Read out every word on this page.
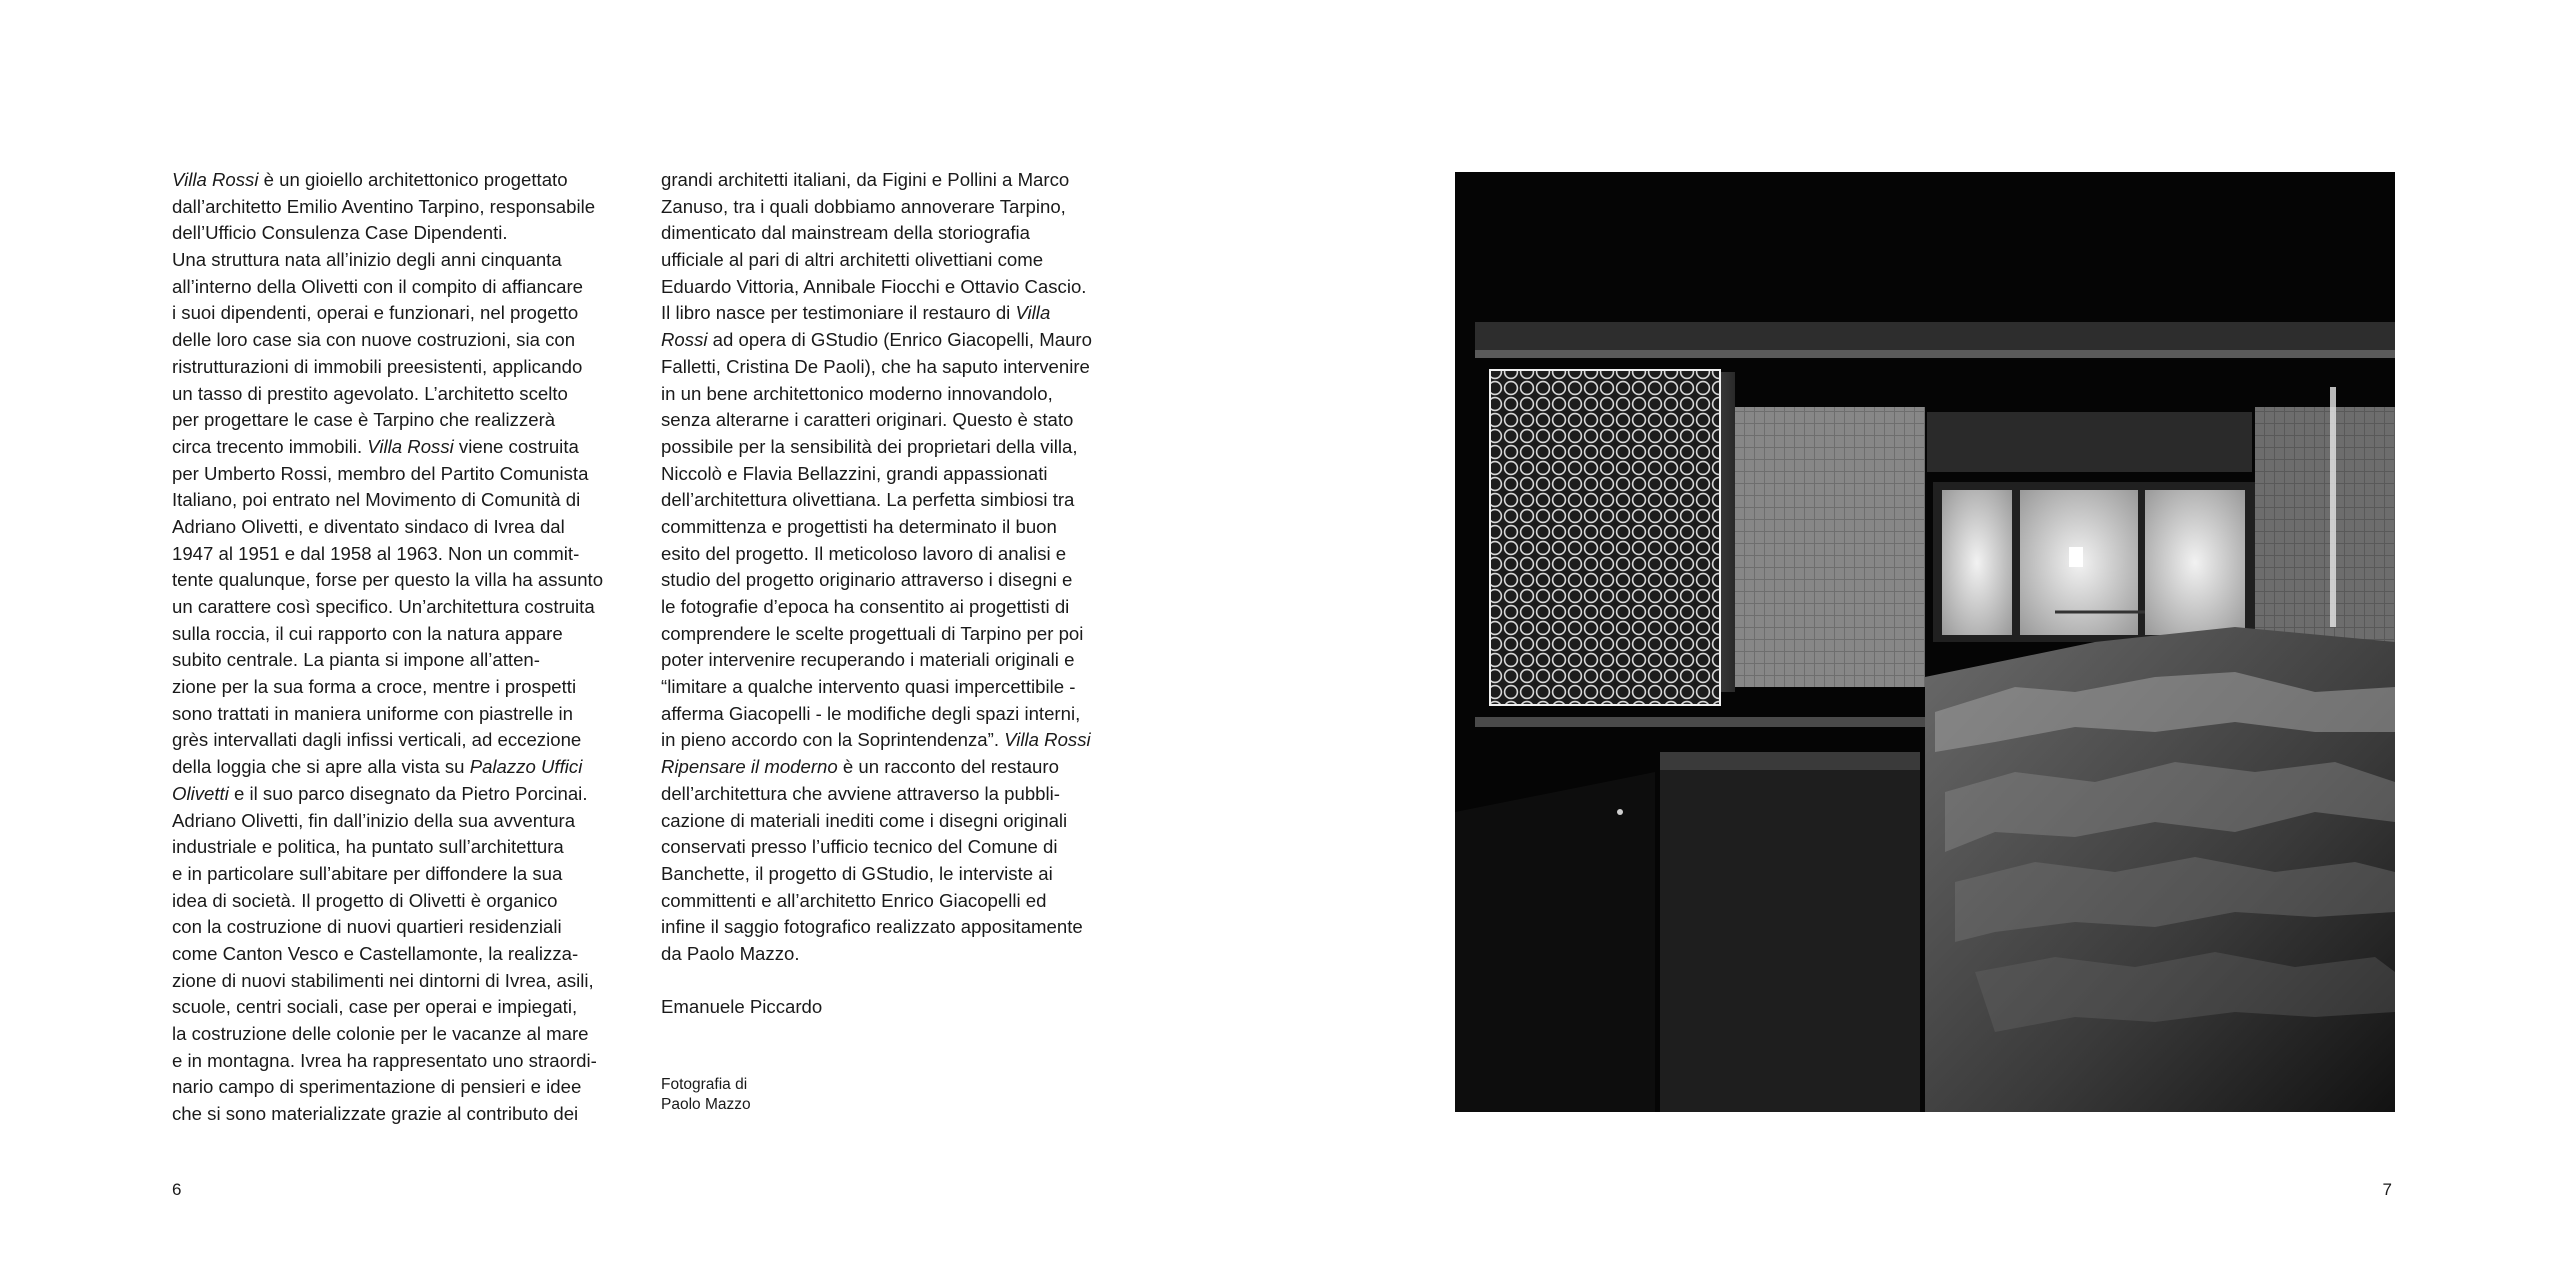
Villa Rossi è un gioiello architettonico progettato
dall’architetto Emilio Aventino Tarpino, responsabile
dell’Ufficio Consulenza Case Dipendenti.
Una struttura nata all’inizio degli anni cinquanta
all’interno della Olivetti con il compito di affiancare
i suoi dipendenti, operai e funzionari, nel progetto
delle loro case sia con nuove costruzioni, sia con
ristrutturazioni di immobili preesistenti, applicando
un tasso di prestito agevolato. L’architetto scelto
per progettare le case è Tarpino che realizzerà
circa trecento immobili. Villa Rossi viene costruita
per Umberto Rossi, membro del Partito Comunista
Italiano, poi entrato nel Movimento di Comunità di
Adriano Olivetti, e diventato sindaco di Ivrea dal
1947 al 1951 e dal 1958 al 1963. Non un commit-
tente qualunque, forse per questo la villa ha assunto
un carattere così specifico. Un’architettura costruita
sulla roccia, il cui rapporto con la natura appare
subito centrale. La pianta si impone all’atten-
zione per la sua forma a croce, mentre i prospetti
sono trattati in maniera uniforme con piastrelle in
grès intervallati dagli infissi verticali, ad eccezione
della loggia che si apre alla vista su Palazzo Uffici
Olivetti e il suo parco disegnato da Pietro Porcinai.
Adriano Olivetti, fin dall’inizio della sua avventura
industriale e politica, ha puntato sull’architettura
e in particolare sull’abitare per diffondere la sua
idea di società. Il progetto di Olivetti è organico
con la costruzione di nuovi quartieri residenziali
come Canton Vesco e Castellamonte, la realizza-
zione di nuovi stabilimenti nei dintorni di Ivrea, asili,
scuole, centri sociali, case per operai e impiegati,
la costruzione delle colonie per le vacanze al mare
e in montagna. Ivrea ha rappresentato uno straordi-
nario campo di sperimentazione di pensieri e idee
che si sono materializzate grazie al contributo dei
grandi architetti italiani, da Figini e Pollini a Marco
Zanuso, tra i quali dobbiamo annoverare Tarpino,
dimenticato dal mainstream della storiografia
ufficiale al pari di altri architetti olivettiani come
Eduardo Vittoria, Annibale Fiocchi e Ottavio Cascio.
Il libro nasce per testimoniare il restauro di Villa
Rossi ad opera di GStudio (Enrico Giacopelli, Mauro
Falletti, Cristina De Paoli), che ha saputo intervenire
in un bene architettonico moderno innovandolo,
senza alterarne i caratteri originari. Questo è stato
possibile per la sensibilità dei proprietari della villa,
Niccolò e Flavia Bellazzini, grandi appassionati
dell’architettura olivettiana. La perfetta simbiosi tra
committenza e progettisti ha determinato il buon
esito del progetto. Il meticoloso lavoro di analisi e
studio del progetto originario attraverso i disegni e
le fotografie d’epoca ha consentito ai progettisti di
comprendere le scelte progettuali di Tarpino per poi
poter intervenire recuperando i materiali originali e
“limitare a qualche intervento quasi impercettibile -
afferma Giacopelli - le modifiche degli spazi interni,
in pieno accordo con la Soprintendenza”. Villa Rossi
Ripensare il moderno è un racconto del restauro
dell’architettura che avviene attraverso la pubbli-
cazione di materiali inediti come i disegni originali
conservati presso l’ufficio tecnico del Comune di
Banchette, il progetto di GStudio, le interviste ai
committenti e all’architetto Enrico Giacopelli ed
infine il saggio fotografico realizzato appositamente
da Paolo Mazzo.
Emanuele Piccardo
Fotografia di
Paolo Mazzo
6	7
